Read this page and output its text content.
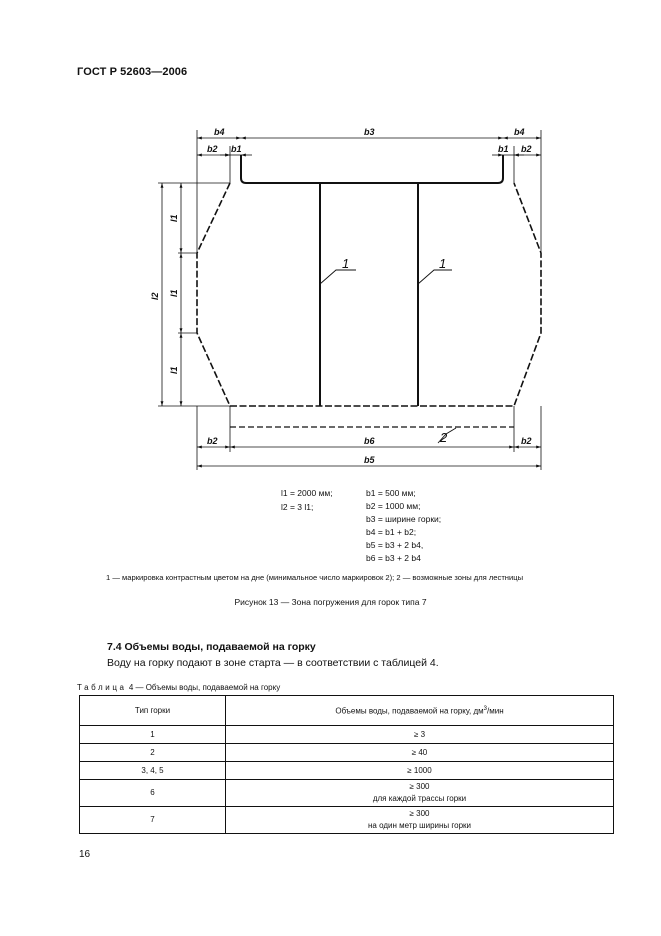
ГОСТ Р 52603—2006
b4	b3	b4
b2 b1	b1 b2
b2	b6	b2
b5
l2
l1
l1
l1
1	1
2
l1 = 2000 мм;
l2 = 3 l1;
b1 = 500 мм;
b2 = 1000 мм;
b3 = ширине горки;
b4 = b1 + b2;
b5 = b3 + 2 b4,
b6 = b3 + 2 b4
1 — маркировка контрастным цветом на дне (минимальное число маркировок 2); 2 — возможные зоны для лестницы
Рисунок 13 — Зона погружения для горок типа 7
7.4 Объемы воды, подаваемой на горку
Воду на горку подают в зоне старта — в соответствии с таблицей 4.
Таблица 4 — Объемы воды, подаваемой на горку
Тип горки	Объемы воды, подаваемой на горку, $дм^3$/мин
1	≥ 3
2	≥ 40
3, 4, 5	≥ 1000
6	≥ 300
для каждой трассы горки

7	≥ 300
на один метр ширины горки
16
